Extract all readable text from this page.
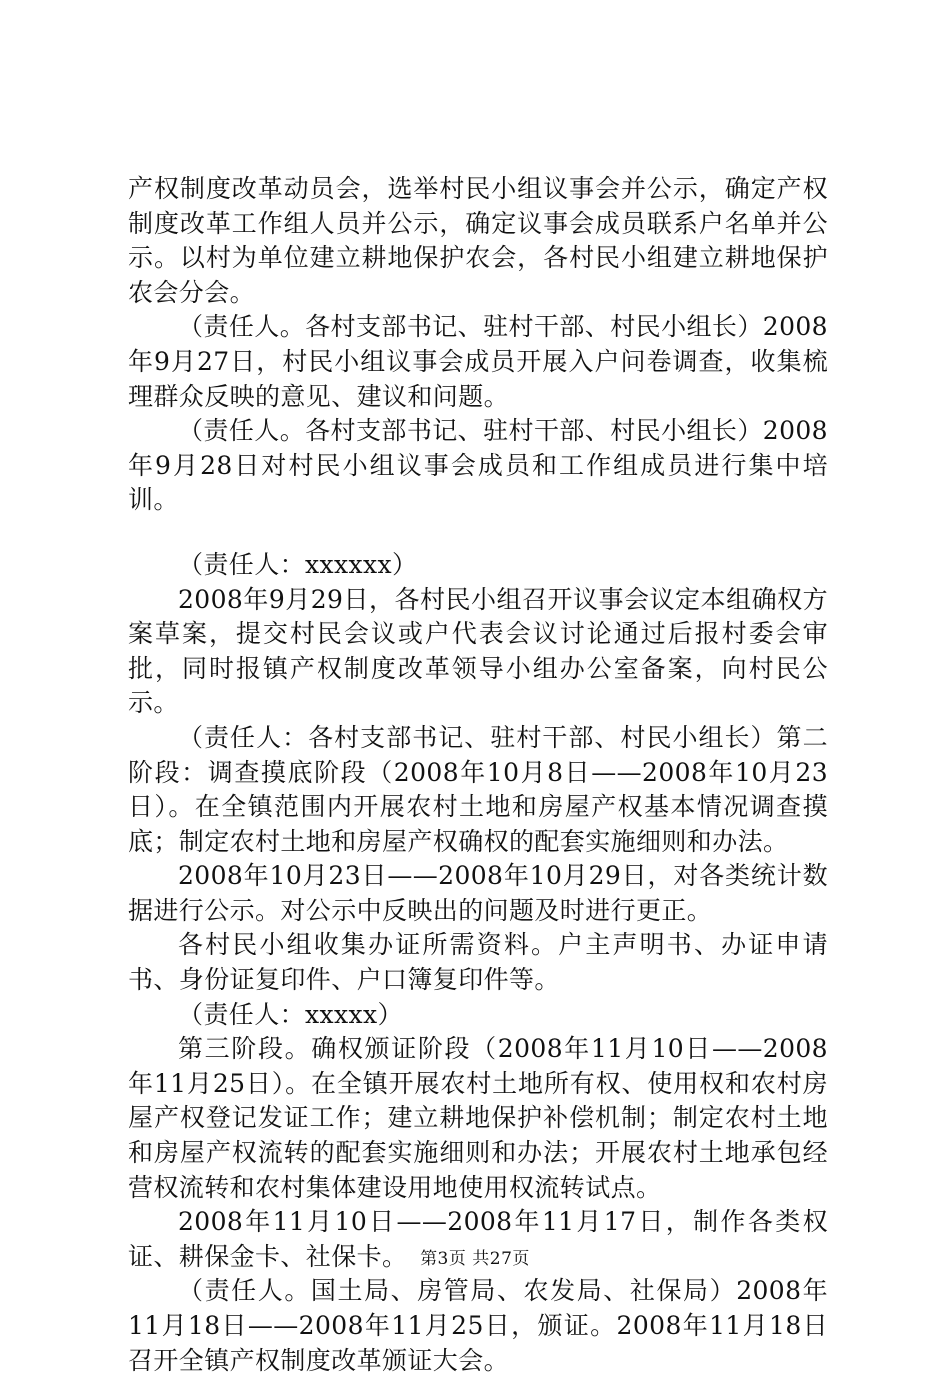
产权制度改革动员会，选举村民小组议事会并公示，确定产权制度改革工作组人员并公示，确定议事会成员联系户名单并公示。以村为单位建立耕地保护农会，各村民小组建立耕地保护农会分会。

（责任人。各村支部书记、驻村干部、村民小组长）2008年9月27日，村民小组议事会成员开展入户问卷调查，收集梳理群众反映的意见、建议和问题。

（责任人。各村支部书记、驻村干部、村民小组长）2008年9月28日对村民小组议事会成员和工作组成员进行集中培训。

（责任人：xxxxxx）

2008年9月29日，各村民小组召开议事会议定本组确权方案草案，提交村民会议或户代表会议讨论通过后报村委会审批，同时报镇产权制度改革领导小组办公室备案，向村民公示。

（责任人：各村支部书记、驻村干部、村民小组长）第二阶段：调查摸底阶段（2008年10月8日——2008年10月23日）。在全镇范围内开展农村土地和房屋产权基本情况调查摸底；制定农村土地和房屋产权确权的配套实施细则和办法。

2008年10月23日——2008年10月29日，对各类统计数据进行公示。对公示中反映出的问题及时进行更正。

各村民小组收集办证所需资料。户主声明书、办证申请书、身份证复印件、户口簿复印件等。

（责任人：xxxxx）

第三阶段。确权颁证阶段（2008年11月10日——2008年11月25日）。在全镇开展农村土地所有权、使用权和农村房屋产权登记发证工作；建立耕地保护补偿机制；制定农村土地和房屋产权流转的配套实施细则和办法；开展农村土地承包经营权流转和农村集体建设用地使用权流转试点。

2008年11月10日——2008年11月17日，制作各类权证、耕保金卡、社保卡。

（责任人。国土局、房管局、农发局、社保局）2008年11月18日——2008年11月25日，颁证。2008年11月18日召开全镇产权制度改革颁证大会。

第3页 共27页
